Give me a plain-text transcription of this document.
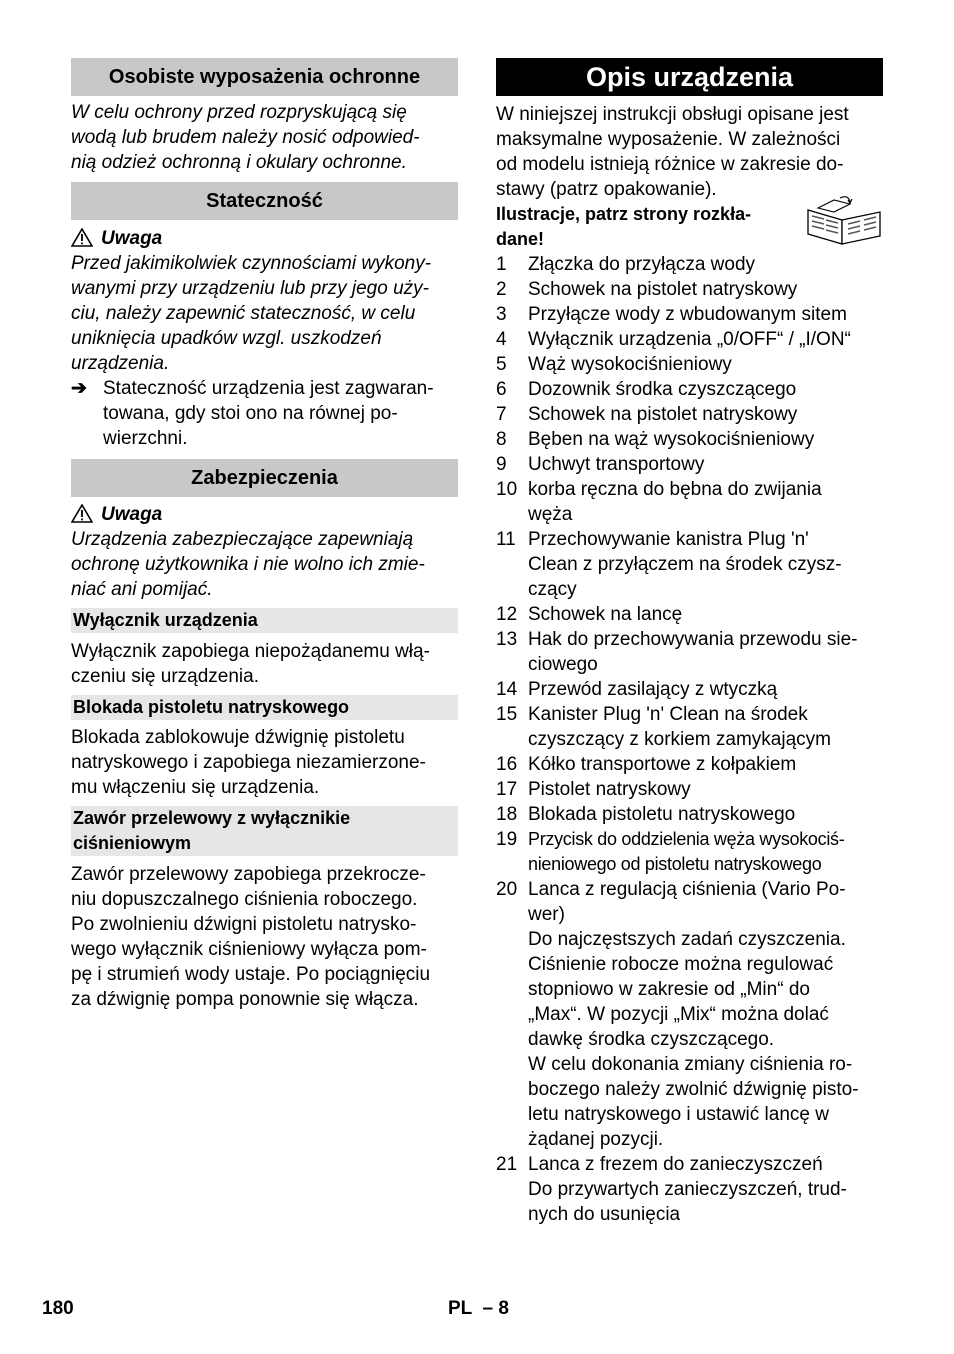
Osobiste wyposażenia ochronne

W celu ochrony przed rozpryskującą się

wodą lub brudem należy nosić odpowied-

nią odzież ochronną i okulary ochronne.

Stateczność
Uwaga

Przed jakimikolwiek czynnościami wykony-

wanymi przy urządzeniu lub przy jego uży-

ciu, należy zapewnić stateczność, w celu

uniknięcia upadków wzgl. uszkodzeń

urządzenia.

➔ Stateczność urządzenia jest zagwaran-

towana, gdy stoi ono na równej po-

wierzchni.

Zabezpieczenia
Uwaga

Urządzenia zabezpieczające zapewniają

ochronę użytkownika i nie wolno ich zmie-

niać ani pomijać.

Wyłącznik urządzenia

Wyłącznik zapobiega niepożądanemu włą-

czeniu się urządzenia.

Blokada pistoletu natryskowego

Blokada zablokowuje dźwignię pistoletu

natryskowego i zapobiega niezamierzone-

mu włączeniu się urządzenia.

Zawór przelewowy z wyłącznikie
ciśnieniowym

Zawór przelewowy zapobiega przekrocze-

niu dopuszczalnego ciśnienia roboczego.

Po zwolnieniu dźwigni pistoletu natrysko-

wego wyłącznik ciśnieniowy wyłącza pom-

pę i strumień wody ustaje. Po pociągnięciu

za dźwignię pompa ponownie się włącza.

Opis urządzenia

W niniejszej instrukcji obsługi opisane jest

maksymalne wyposażenie. W zależności

od modelu istnieją różnice w zakresie do-

stawy (patrz opakowanie).

Ilustracje, patrz strony rozkła-

dane!

1	Złączka do przyłącza wody
2	Schowek na pistolet natryskowy
3	Przyłącze wody z wbudowanym sitem
4	Wyłącznik urządzenia „0/OFF“ / „I/ON“
5	Wąż wysokociśnieniowy
6	Dozownik środka czyszczącego
7	Schowek na pistolet natryskowy
8	Bęben na wąż wysokociśnieniowy
9	Uchwyt transportowy
10 korba ręczna do bębna do zwijania
węża
11 Przechowywanie kanistra Plug 'n'
Clean z przyłączem na środek czysz-
czący
12 Schowek na lancę
13 Hak do przechowywania przewodu sie-
ciowego
14 Przewód zasilający z wtyczką
15 Kanister Plug 'n' Clean na środek
czyszczący z korkiem zamykającym
16 Kółko transportowe z kołpakiem
17 Pistolet natryskowy
18 Blokada pistoletu natryskowego
19 Przycisk do oddzielenia węża wysokociś-
nieniowego od pistoletu natryskowego
20 Lanca z regulacją ciśnienia (Vario Po-
wer)
Do najczęstszych zadań czyszczenia.
Ciśnienie robocze można regulować
stopniowo w zakresie od „Min“ do
„Max“. W pozycji „Mix“ można dolać
dawkę środka czyszczącego.
W celu dokonania zmiany ciśnienia ro-
boczego należy zwolnić dźwignię pisto-
letu natryskowego i ustawić lancę w
żądanej pozycji.
21 Lanca z frezem do zanieczyszczeń
Do przywartych zanieczyszczeń, trud-
nych do usunięcia
180	PL  – 8
